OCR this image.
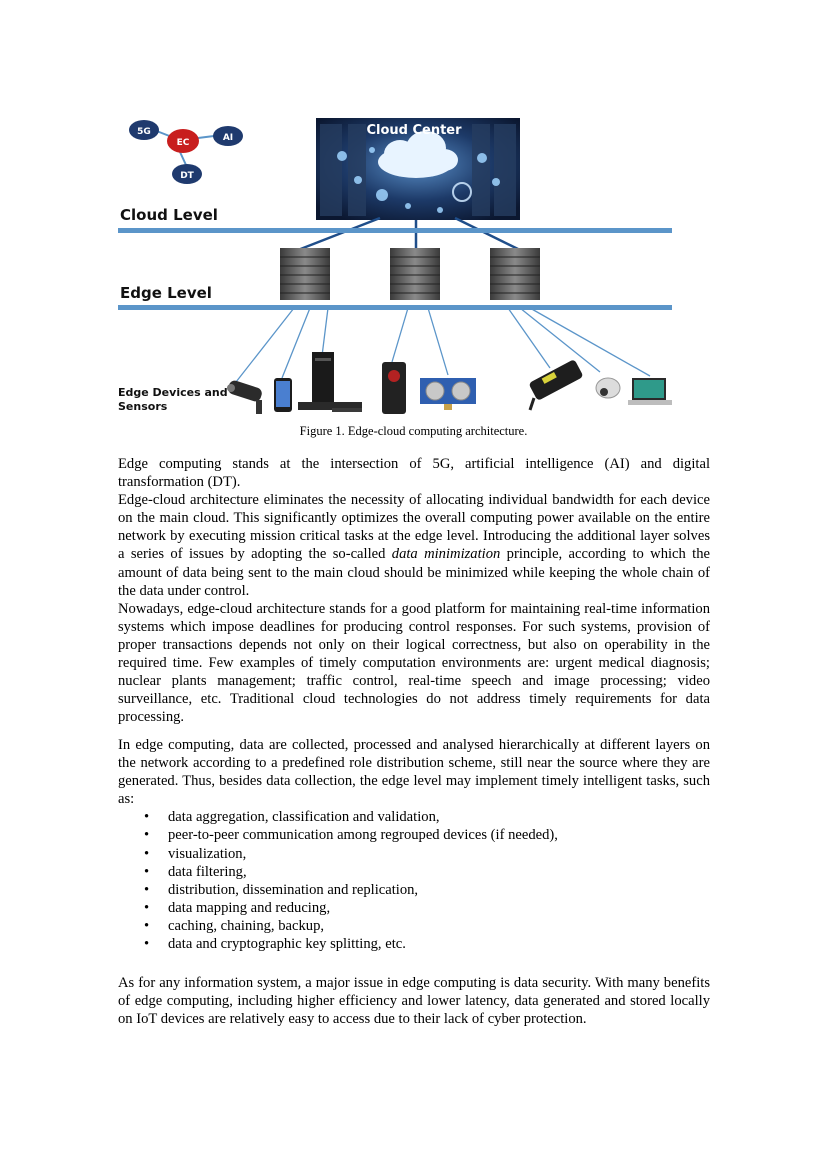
5G
EC	AI
DT
Cloud Center
Cloud Level
Edge Level
Edge Devices and
Sensors
Figure 1. Edge-cloud computing architecture.

Edge computing stands at the intersection of 5G, artificial intelligence (AI) and digital transformation (DT).

Edge-cloud architecture eliminates the necessity of allocating individual bandwidth for each device on the main cloud. This significantly optimizes the overall computing power available on the entire network by executing mission critical tasks at the edge level. Introducing the additional layer solves a series of issues by adopting the so-called data minimization principle, according to which the amount of data being sent to the main cloud should be minimized while keeping the whole chain of the data under control.

Nowadays, edge-cloud architecture stands for a good platform for maintaining real-time information systems which impose deadlines for producing control responses. For such systems, provision of proper transactions depends not only on their logical correctness, but also on operability in the required time. Few examples of timely computation environments are: urgent medical diagnosis; nuclear plants management; traffic control, real-time speech and image processing; video surveillance, etc. Traditional cloud technologies do not address timely requirements for data processing.

In edge computing, data are collected, processed and analysed hierarchically at different layers on the network according to a predefined role distribution scheme, still near the source where they are generated. Thus, besides data collection, the edge level may implement timely intelligent tasks, such as:

• data aggregation, classification and validation,
• peer-to-peer communication among regrouped devices (if needed),
• visualization,
• data filtering,
• distribution, dissemination and replication,
• data mapping and reducing,
• caching, chaining, backup,
• data and cryptographic key splitting, etc.

As for any information system, a major issue in edge computing is data security. With many benefits of edge computing, including higher efficiency and lower latency, data generated and stored locally on IoT devices are relatively easy to access due to their lack of cyber protection.
